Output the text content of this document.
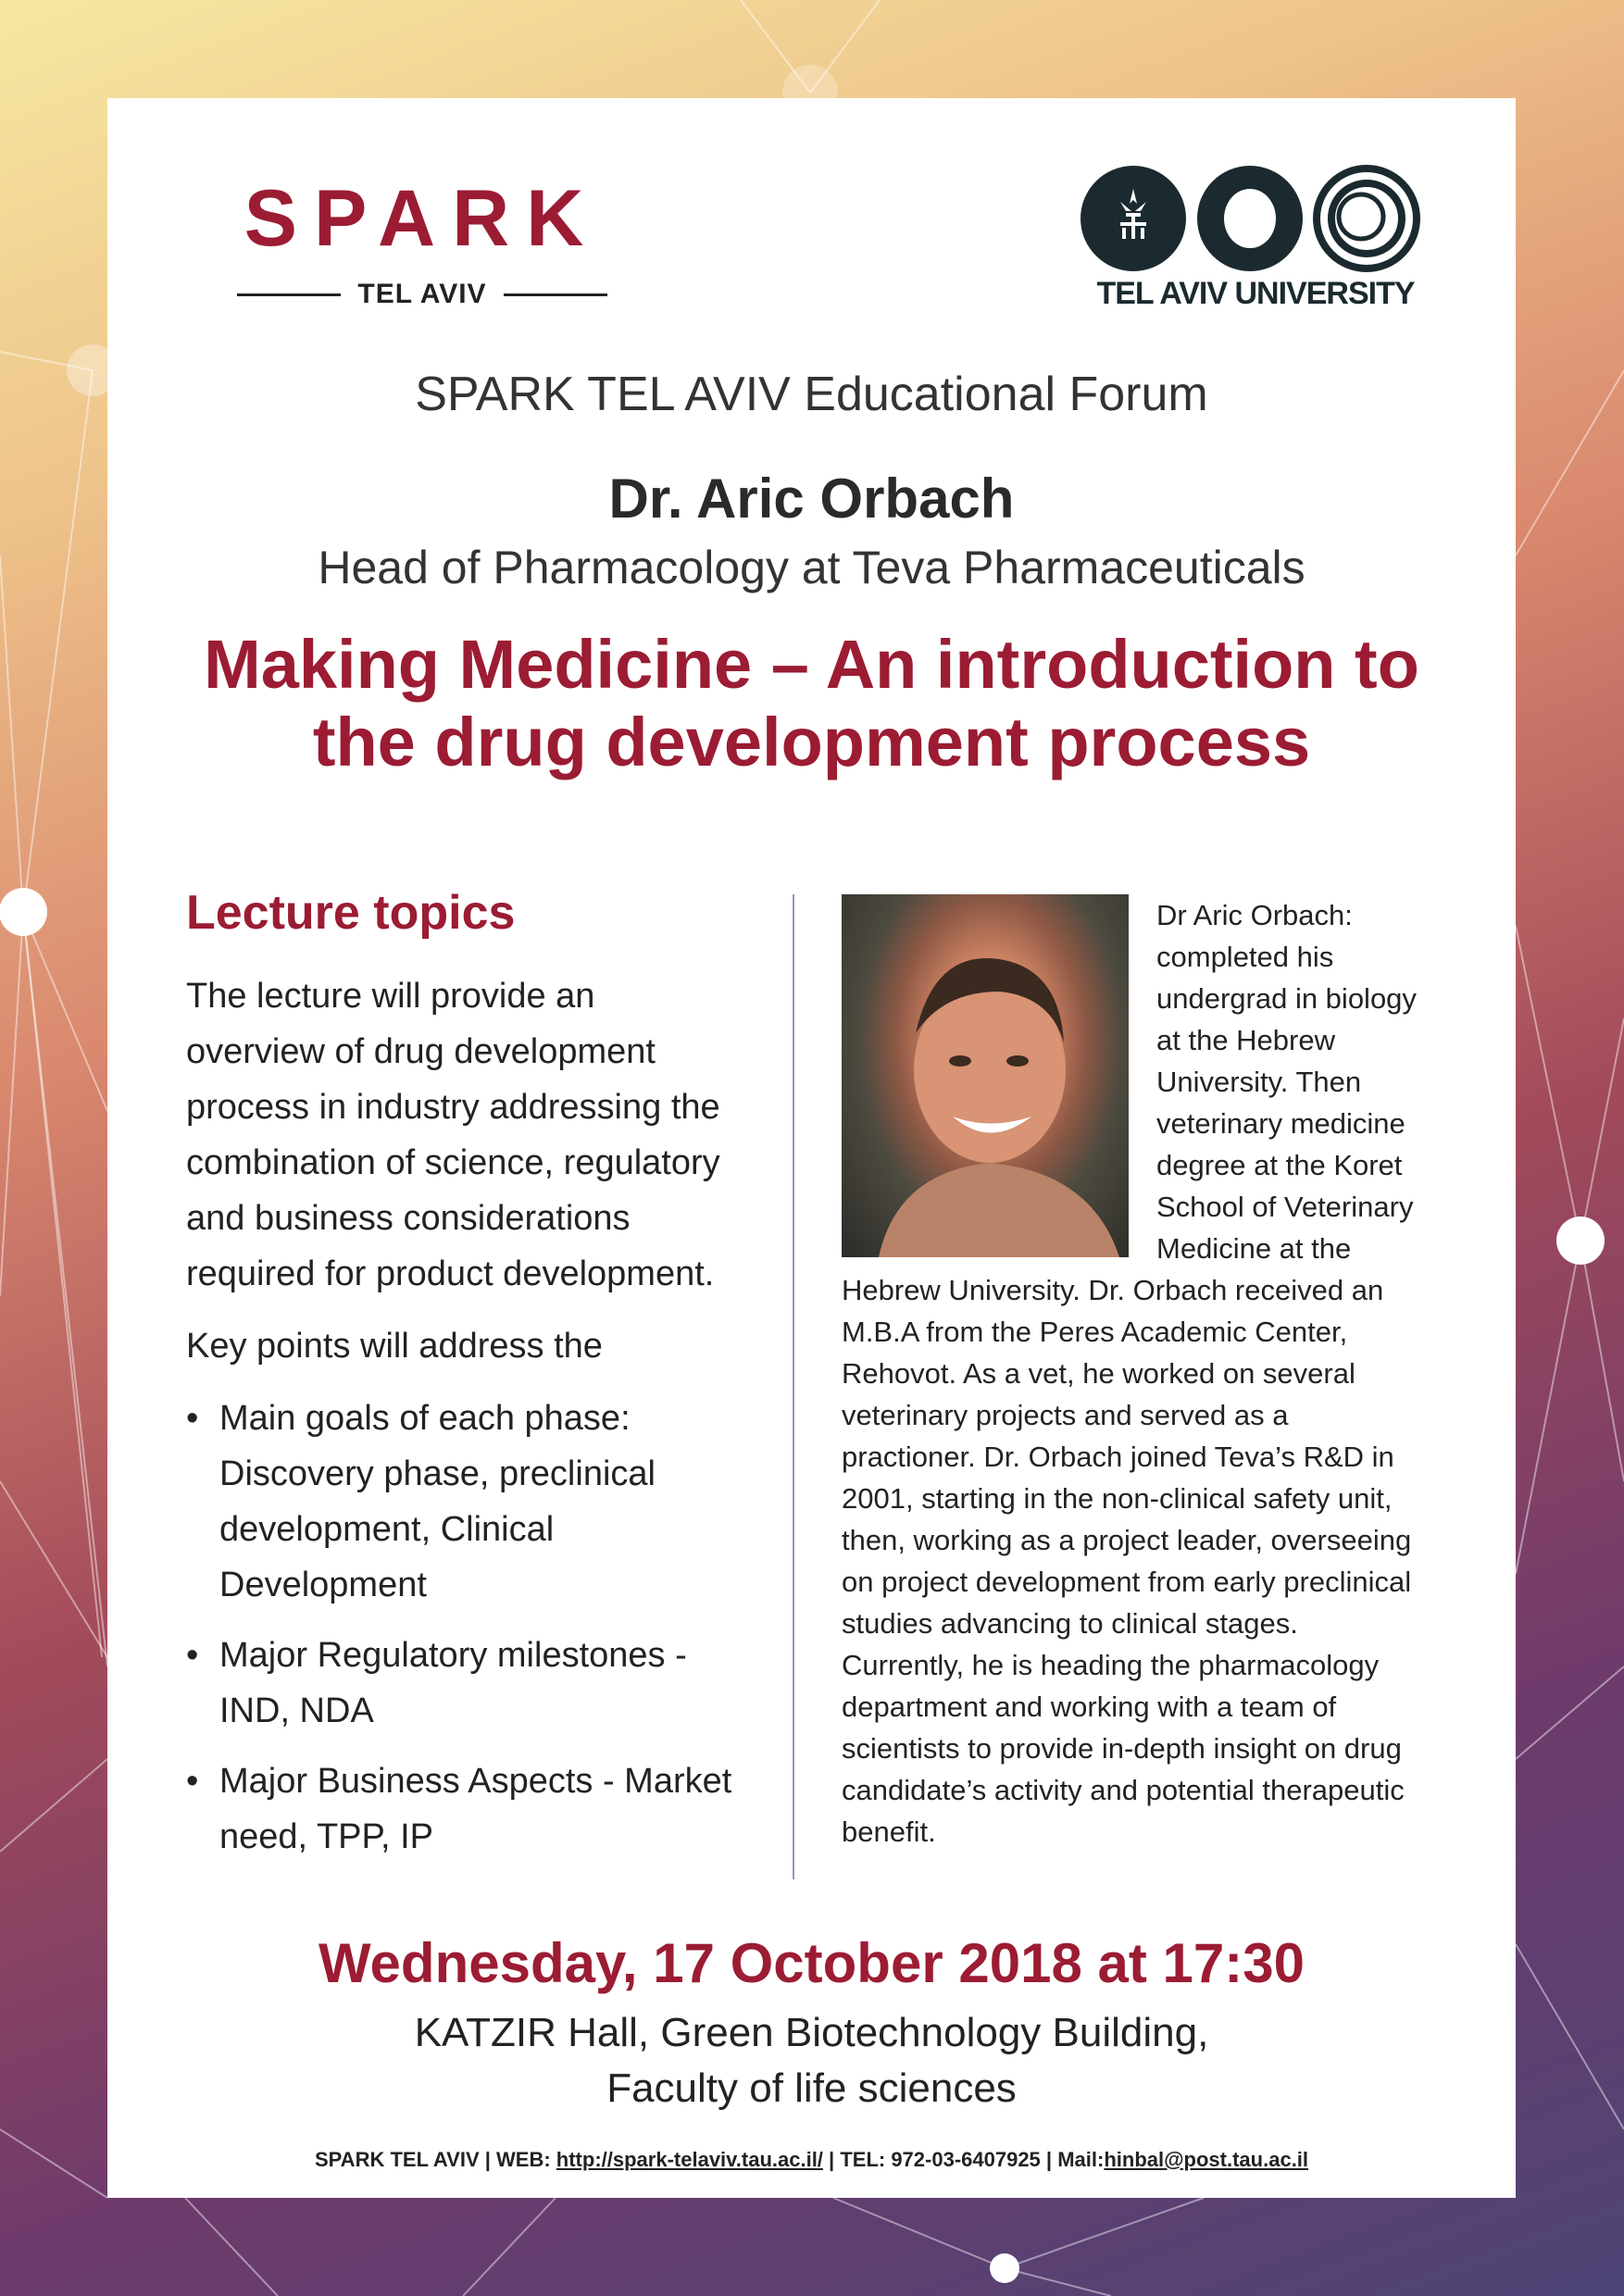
SPARK
TEL AVIV	TEL AVIV UNIVERSITY
SPARK TEL AVIV Educational Forum
Dr. Aric Orbach
Head of Pharmacology at Teva Pharmaceuticals
Making Medicine – An introduction to
the drug development process
Lecture topics

The lecture will provide an overview of drug development process in industry addressing the combination of science, regulatory and business considerations required for product development.

Key points will address the

• Main goals of each phase: Discovery phase, preclinical development, Clinical Development
• Major Regulatory milestones - IND, NDA
• Major Business Aspects - Market need, TPP, IP

Dr Aric Orbach: completed his undergrad in biology at the Hebrew University. Then veterinary medicine degree at the Koret School of Veterinary Medicine at the Hebrew University. Dr. Orbach received an M.B.A from the Peres Academic Center, Rehovot. As a vet, he worked on several veterinary projects and served as a practioner. Dr. Orbach joined Teva’s R&D in 2001, starting in the non-clinical safety unit, then, working as a project leader, overseeing on project development from early preclinical studies advancing to clinical stages. Currently, he is heading the pharmacology department and working with a team of scientists to provide in-depth insight on drug candidate’s activity and potential therapeutic benefit.

Wednesday, 17 October 2018 at 17:30
KATZIR Hall, Green Biotechnology Building,
Faculty of life sciences
SPARK TEL AVIV | WEB: http://spark-telaviv.tau.ac.il/ | TEL: 972-03-6407925 | Mail:hinbal@post.tau.ac.il
